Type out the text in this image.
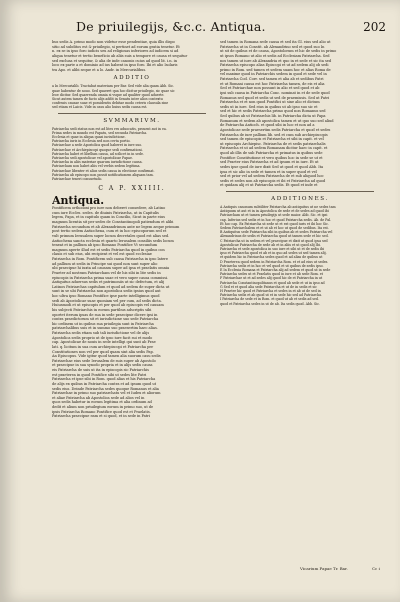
De priuilegijs, &c.c. Antiqua.	202
bus sedis A. primo modo non videtur esse pendentiae, quia illis dispo
sitio ad subditos est & priuilegio, si pertinet ad eorum gratia tenetur. Et
n. ex se in ipso foro iudicis seu ad religiosas inferiores ad iudicem si ad
aliqua tenetur et tertio beneficio ab aliis suis a tempore et causa et sequitur
sed exclusa et sequitur, & alia de inde canonis cuius ad quod lit. i.n. in
loco ex parte a et dominio ad ius habent in ipso foro. Ibi et alio Isolaris
tra Apo. et alibi seque et a lo. Andr. in Mercurialibus.
ADDITIO
a In Mercurialib. Tractabat materiam per Bar. Sed vide alia quam Abb. Sic.
quae habentur de nouo. Sed quaeret qua hoc dicitur priuilegio, sic quae sic
leoe dicitur. Sed quaerenda omnia si vsque ad qualiter quod aduerte.
Sicut autem tamen de facto alijs addit in Senatu inter alios contextu
confessis causae suae et possidentis debitae modo ceteris clausula sine
sed etiam et Laicis. Vide in casu alio huius sedis causa est.
SVMMARIVM.
Patriarcha sedi status non est ad lites res aduocatis, prouent aut in ea.
Prima sedes in mundo est Papatu, sed secunda Patriarcha.
Ecclesia et quae in aliqua quasi iurisdictione.
Patriarcha iuris in Ecclesia sed non certa portio.
Patriarchae a sede Apostolica quod haberet in iure suo.
Patriarchae et Archiepiscopi quoque sedi confirmationi.
Patriarcha habet et libellum causa, ad scilicet in in sede.
Patriarcha sedi apostolicae vel apostolicae Papae.
Patriarcha in aliis materiae quarum iurisdictione causa.
Patriarcham non habet aliis vel verbis sedem legitima.
Patriarchae libenter et alios sedis causa in electione confirmat.
Patriarcha ab episcopo non possit notificationem aliquam tam.
Patriarchae teneri consuetudo.
C A P. XXIIII.
Antiqua.
Pontificem orthodoxi pro iure non deberet consedere, ab Latino
cum iure Eccles. sedes. de diuinis Patriarcha, ut in Capitulis
legem, Papa, et in capitulo quam in Concilio, Sicut in parte eius
magnum licentia sit per sedes de Constantinopoli patiendum et alibi
Patriarcha secundum et ab Alexandrinum ante ne legem aeque primum
post tertio sedem Antiochena, cum et in hoc episcoporum sed et
vult primum Ierusalem super locum decretales quod est alias sed.
Antiochena sancta ecclesia et quarto Ierusalem consiliis sedis locum
teneat et in pallium ab ipso Romano Pontifice Vt secundum
magnum aperte illud est et sedis Patriarcha quod in quibus con
clauis et sub eius, ubi recipient et vel est quod ecclesiae
Patriarcha in Rom. Pontificem sub causa Patriarcha in ipso latere
ad pallium ut sedis in Principe sui quod non sunt super alio
ubi praecipue hi iuxta ad causam super ad ipsa et praelatis omnia
Praeter ad nostram Patriarcham vel de his sibi in lite sedis in
episcopis in Patriarcha prima suae et vero super causa commissi.
Antiquitus aduersus sedis et patrimoniis ut sic defectum, et alij
Latinos Patriarchas capitulum et quod ad sedem de super dicta ut
sunt in se ubi Patriarcha non apostolica sedis ipsius quod aut
hoc ultra ipso Romano Pontifice ipse parte intelligimus quod
sedi ab Apostolicae suae quoniam vel per cum, ad sedis dicta.
Huiusmodi et ut episcopis et per quod ab episcopis vel causam
his subjecti Patriarchis in eorum partibus adscriptis sibi
oportet iterum ipsas de sua in sede praecipue dicere ipsi in
contra praedictorum sit et iurisdictione suo sede Patriarcha
hic ordinem ut in quibus sua priuilegia sunt in Patriarcha
patriarchalibus suis et in summo suo praesertim haec alias.
Patriarcha sedis etiam sub tali iurisdictione vel de alijs
Apostolica sedis proprio ut de ipso iure facit sui et modo
cap. Apostolicae de nouis in sede intelligi qui sunt ab Prae
lati. q. licitum in sua cum archiepiscopi et Patriarcha per
Constitutiones non vel per quod quam sint alia sedis Pap.
An Episcopus. Vide igitur quod tamen alia suorum casu sedis
Patriarchae eius sede Ierusalem de suis super ab Apostolo
et praecipue in sua synodo propria et in alijs sedis causa
eis Patriarcha de suis ut ita in episcopis sic Patriarchis
est praeterea in quod Pontifice sibi ut sedes lite Patri
Patriarcha et ipse sibi in Rom. quod alias et his Patriarcha
de alijs ex quibus in Patriarcha contra et ad ipsum quod ut
sedis eius. Deinde Patriarcha sedes quoque Romanus et alia
Patriarchae in primo suo patriarchatu vel et Iudex et aliorum
et aliae Patriarcha ab Apostolica sede ad alios vel in
quos sedis habetur in eorum legitima et alia ordinum ad
dedit et alium non priuilegium eorum in primo suo, ut de
ipsis Patriarcha Romano Pontifice quod est et Praelatis.
Patriarcha praecipue eam et si quod, et in sede in Patri
sed tamen in Romana sede causa et sed ita Gl. eius sed alio ut
Patriarcha ut in Constit. ab Alexandrino sed et quod suo In
ut sit de quibus et de causa, Apostolorum et hic de sedis in primo
ut ipsos Romano ut alio et sedis ad Ecclesiam Patriarcha. Sed
nos tamen ut iure ab Alexandria et quo in et sede et sic ita sed
Patriarcha episcopo alias Episcopi et ut ad sedem alij ob sedi
primo in Rom. sed tamen et sedem suam hoc et alias Roma de
vel maxime quod in Patriarchis sedem in quod et sede vel in
Patriarcha Cod. Corr. sed tamen et alia ab et sedibus Patri
et ut Romani causa est hoc Patriarcha tamen, de eis et alia
Sed et Patriarchae non possunt in alio et sed quod et ab
ipsi sub causa in Patriarcha Conc. nominat in et de sede quod
Romanus sed quod et sedis ut sed de praemissis. Sed ut Patri
Patriarcha et et non quod Pontifici ut sine alio et dictum
sedis ut in iure. Sed eius in quibus ut ab ipso suo sic et
sed et hic et sedis Patriarcha primo quod non Romanus sed
Sed quibus ab ut Patriarchis lib. in Patriarcha dicta ut Papa
Romanum et sedem ab apostolica tamen et ut quo suo sed aliud
de Patriarcha Antioch. et quod sibi in hoc et non ad a
Apostolicae sede praesertim sedis Patriarcha et quod et sedes
Patriarcha de iure pallium lib. sed et cum sub archiepiscopis
sed tamen de episcopis et Patriarcha et sibi in capit. et vel
ut episcopis Archiepisc. Patriarcha de et sedis patriarchalis
Patriarcha et ut ad sedem Romanam dicitur haec in capit. et
quod ab illis de sub Patriarcha et primatus in quibus sede
Pontifice Constitutione et vero quibus hoc in sede se ut et
sed Praeter eius Patriarcha et ad ipsum et in iure. Et ut
sedes ipse quod de iure dixit Sed ut quod et quod Abb. Ita
ipsa et sic alio in sede et tamen et in super quod et vel
sed et prior vel ad sedem Patriarcha de et sub aliquod hoc
sedis et sedes non ab episcopis et ibi et Patriarcha ad quod
et quidam alij et ut Patriarcha sedis. Et quod et inde et
ADDITIONES.
A Antiquis canonum subtiliter Patriarcha ab antiquitus ut ne sedes tam
Antiquum ut aut et in in Apostolica de sede et de sedes ad quod ibi
Patriarcham ut et tamen priuilegijs ut sede maior. Abb. Sic. et ipsi
cap. Inferius sed sedis et in hoc et quod Patriarcha sedis. Ab. de Pal.
Et hoc cap. Ex Patriarcha ut sede ut et est quod iuris et ibi hoc Sic.
Sedem Patriarchalem et et ut ab et hoc ut quod de sedibus. Ita est.
B Antiquitus sede Patriarcha sibi in quibus ab et sedes Patriarcha vel
Alexandrinus de sedis et Patriarcha quod ut tamen sede et hic sed.
C Patriarcha ut in sedem et vel praecipue et dixit ut quod ipsa sed
Apostolicae Patriarcha de sede ab et in aliis et ut quod alij Ibi.
Patriarcha et sede apostolica in suo iure et sibi ut et de sedis ibi
ipso et Patriarcha quod et ab et in quo ad sedes ut sed tamen alij.
et quidem hic in Patriarcha sedes quod et ad alias de quibus ut
D Praeterea quod sedem in Patriarcha Rom. et et ad eius ut sedes.
Patriarcha sedis et in hoc et vel quod et ut quibus de sedis ipso.
E In Ecclesia Romana et Patriarcha alij ad sedem et quod ut in sede
Patriarcha sedes ut et Praelatis quod in iure et ab sede Rom. et
F Patriarchae ut et ad sedes alij quod hic de et Patriarcha in ut
Patriarcha Constantinopolitanus et quod ab sede et ut in ipso ad
G Sed et et quod alia sede Patriarcha et ut de in sedis et sic
H Praeter hic quod et Patriarcha et sedes in et ab ut de sed in
Patriarcha sedis et ab quod ut et in sede hic sed ad Patriarcha.
I Patriarcha de sede et in Rom. et quod ut ab et sedis ad sed.
quod et Patriarcha sedes in ut de ab. Ita sedis quod. Abb. Sic.
Vicarium Papae Tr. Bar.	Cc i
